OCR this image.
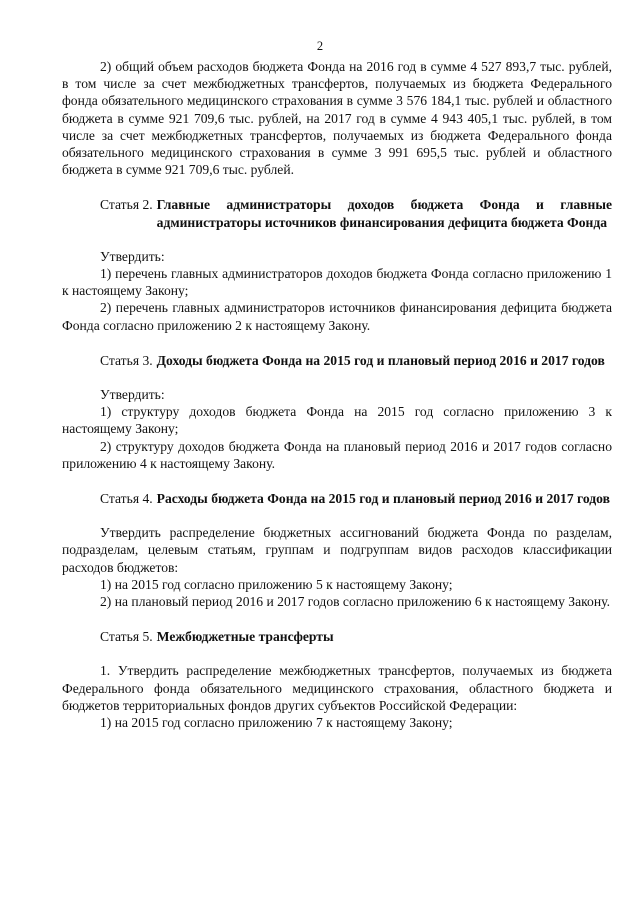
2

2) общий объем расходов бюджета Фонда на 2016 год в сумме 4 527 893,7 тыс. рублей, в том числе за счет межбюджетных трансфертов, получаемых из бюджета Федерального фонда обязательного медицинского страхования в сумме 3 576 184,1 тыс. рублей и областного бюджета в сумме 921 709,6 тыс. рублей, на 2017 год в сумме 4 943 405,1 тыс. рублей, в том числе за счет межбюджетных трансфертов, получаемых из бюджета Федерального фонда обязательного медицинского страхования в сумме 3 991 695,5 тыс. рублей и областного бюджета в сумме 921 709,6 тыс. рублей.

Статья 2. Главные администраторы доходов бюджета Фонда и главные администраторы источников финансирования дефицита бюджета Фонда

Утвердить:

1) перечень главных администраторов доходов бюджета Фонда согласно приложению 1 к настоящему Закону;

2) перечень главных администраторов источников финансирования дефицита бюджета Фонда согласно приложению 2 к настоящему Закону.

Статья 3. Доходы бюджета Фонда на 2015 год и плановый период 2016 и 2017 годов

Утвердить:

1) структуру доходов бюджета Фонда на 2015 год согласно приложению 3 к настоящему Закону;

2) структуру доходов бюджета Фонда на плановый период 2016 и 2017 годов согласно приложению 4 к настоящему Закону.

Статья 4. Расходы бюджета Фонда на 2015 год и плановый период 2016 и 2017 годов

Утвердить распределение бюджетных ассигнований бюджета Фонда по разделам, подразделам, целевым статьям, группам и подгруппам видов расходов классификации расходов бюджетов:

1) на 2015 год согласно приложению 5 к настоящему Закону;

2) на плановый период 2016 и 2017 годов согласно приложению 6 к настоящему Закону.

Статья 5. Межбюджетные трансферты

1. Утвердить распределение межбюджетных трансфертов, получаемых из бюджета Федерального фонда обязательного медицинского страхования, областного бюджета и бюджетов территориальных фондов других субъектов Российской Федерации:

1) на 2015 год согласно приложению 7 к настоящему Закону;
